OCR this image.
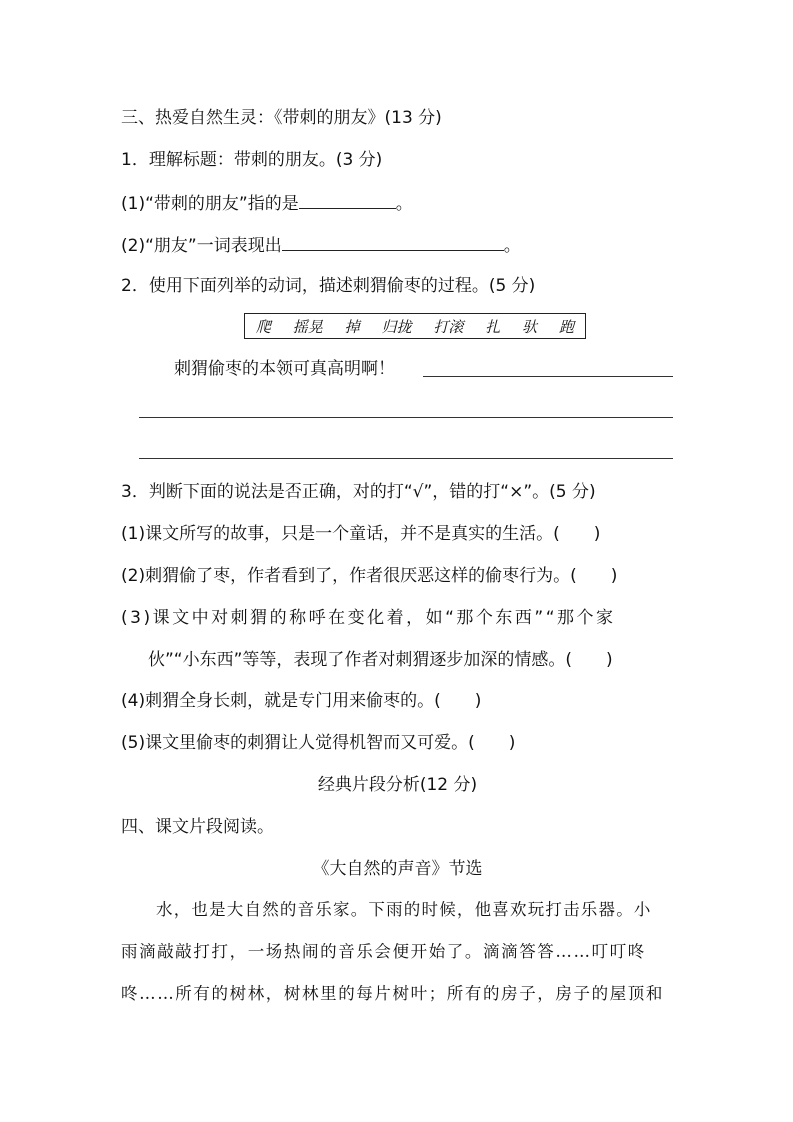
三、热爱自然生灵：《带刺的朋友》(13 分)
1．理解标题：带刺的朋友。(3 分)
(1)“带刺的朋友”指的是	。
(2)“朋友”一词表现出	。
2．使用下面列举的动词，描述刺猬偷枣的过程。(5 分)
爬 摇晃 掉 归拢 打滚 扎 驮 跑
刺猬偷枣的本领可真高明啊！
3．判断下面的说法是否正确，对的打“√”，错的打“×”。(5 分)
(1)课文所写的故事，只是一个童话，并不是真实的生活。(　　)
(2)刺猬偷了枣，作者看到了，作者很厌恶这样的偷枣行为。(　　)
(3)课文中对刺猬的称呼在变化着，如“那个东西”“那个家
伙”“小东西”等等，表现了作者对刺猬逐步加深的情感。(　　)
(4)刺猬全身长刺，就是专门用来偷枣的。(　　)
(5)课文里偷枣的刺猬让人觉得机智而又可爱。(　　)
经典片段分析(12 分)
四、课文片段阅读。
《大自然的声音》节选
水，也是大自然的音乐家。下雨的时候，他喜欢玩打击乐器。小
雨滴敲敲打打，一场热闹的音乐会便开始了。滴滴答答……叮叮咚
咚……所有的树林，树林里的每片树叶；所有的房子，房子的屋顶和
